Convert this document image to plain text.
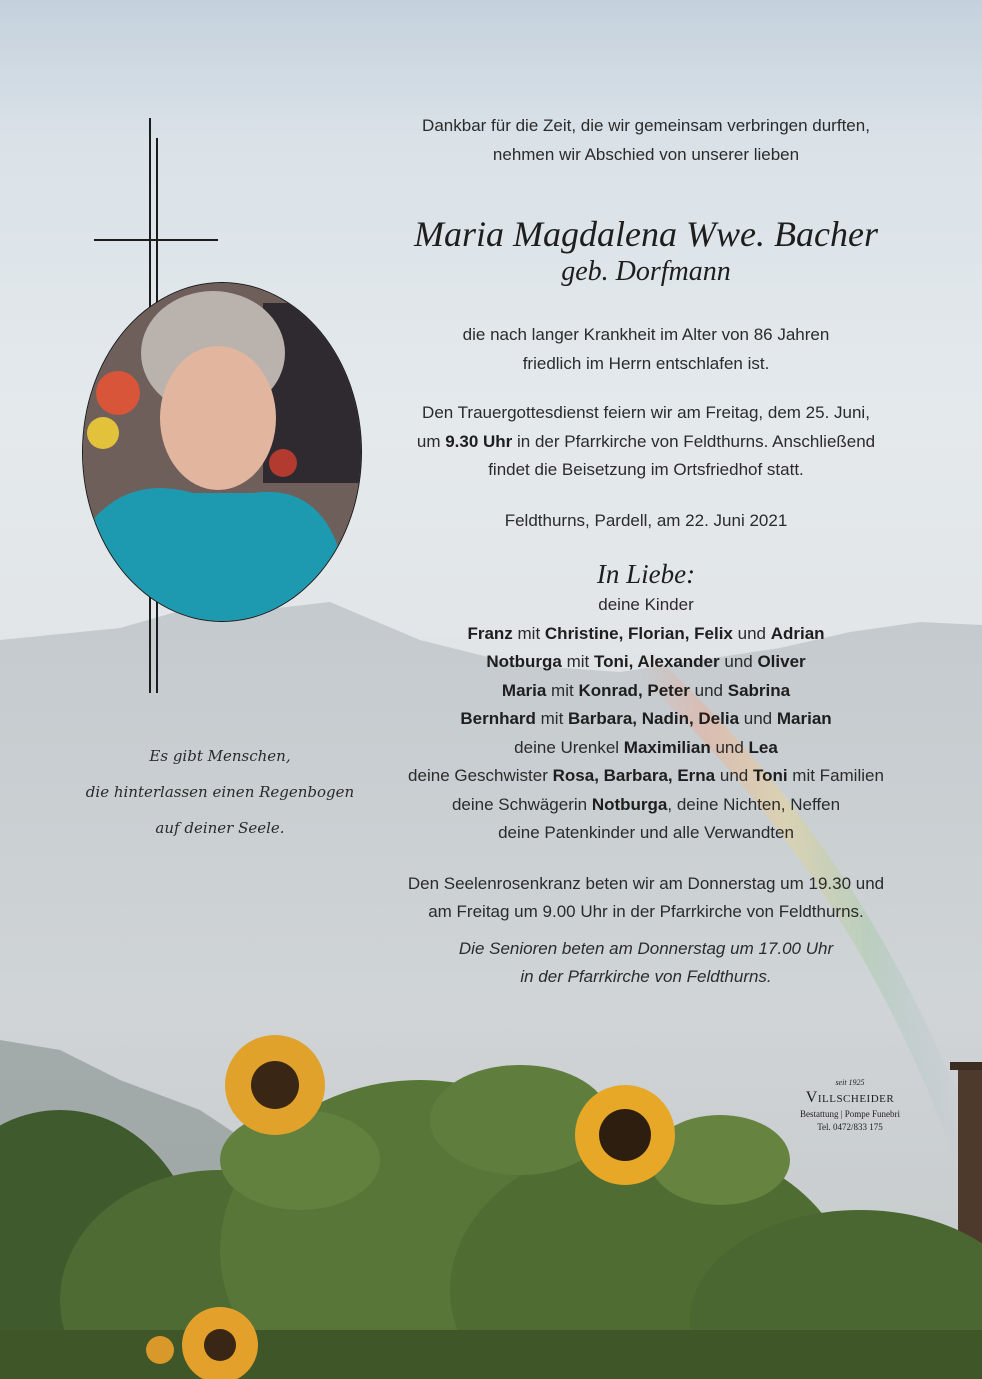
Es gibt Menschen,
die hinterlassen einen Regenbogen
auf deiner Seele.
Dankbar für die Zeit, die wir gemeinsam verbringen durften,
nehmen wir Abschied von unserer lieben
Maria Magdalena Wwe. Bacher
geb. Dorfmann
die nach langer Krankheit im Alter von 86 Jahren
friedlich im Herrn entschlafen ist.
Den Trauergottesdienst feiern wir am Freitag, dem 25. Juni,
um 9.30 Uhr in der Pfarrkirche von Feldthurns. Anschließend
findet die Beisetzung im Ortsfriedhof statt.
Feldthurns, Pardell, am 22. Juni 2021
In Liebe:
deine Kinder
Franz mit Christine, Florian, Felix und Adrian
Notburga mit Toni, Alexander und Oliver
Maria mit Konrad, Peter und Sabrina
Bernhard mit Barbara, Nadin, Delia und Marian
deine Urenkel Maximilian und Lea
deine Geschwister Rosa, Barbara, Erna und Toni mit Familien
deine Schwägerin Notburga, deine Nichten, Neffen
deine Patenkinder und alle Verwandten
Den Seelenrosenkranz beten wir am Donnerstag um 19.30 und
am Freitag um 9.00 Uhr in der Pfarrkirche von Feldthurns.
Die Senioren beten am Donnerstag um 17.00 Uhr
in der Pfarrkirche von Feldthurns.
seit 1925
Villscheider
Bestattung | Pompe Funebri
Tel. 0472/833 175
